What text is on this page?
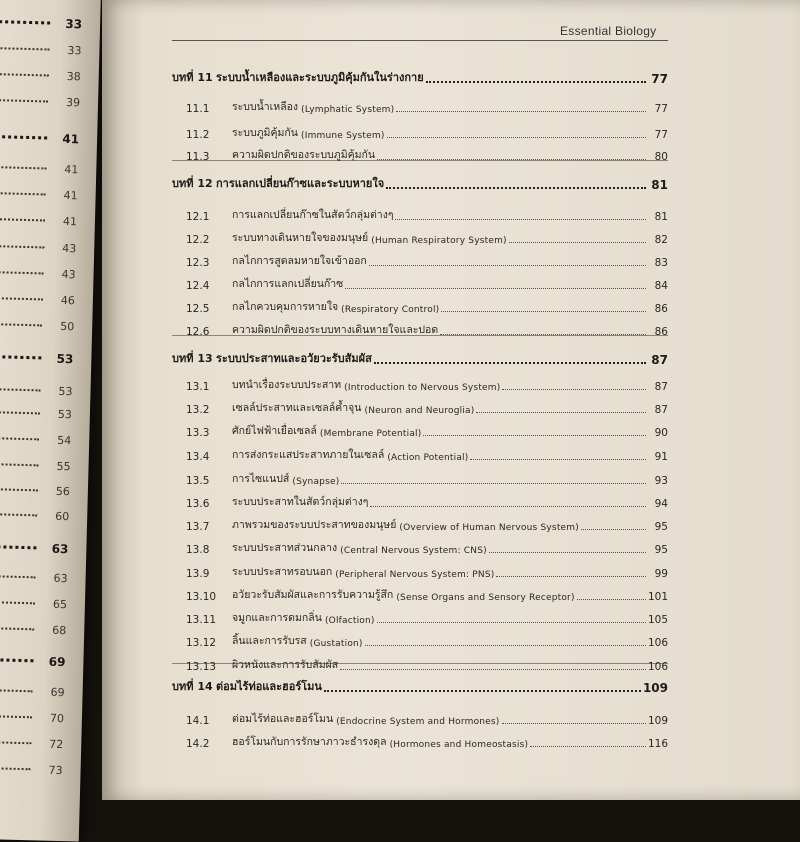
33
33
38
39
41
41
41
41
43
43
46
50
53
53
53
54
55
56
60
63
63
65
68
69
69
70
72
73
Essential Biology
บทที่ 11 ระบบน้ำเหลืองและระบบภูมิคุ้มกันในร่างกาย	77
11.1	ระบบน้ำเหลือง (Lymphatic System)	77
11.2	ระบบภูมิคุ้มกัน (Immune System)	77
11.3	ความผิดปกติของระบบภูมิคุ้มกัน	80
บทที่ 12 การแลกเปลี่ยนก๊าซและระบบหายใจ	81
12.1	การแลกเปลี่ยนก๊าซในสัตว์กลุ่มต่างๆ	81
12.2	ระบบทางเดินหายใจของมนุษย์ (Human Respiratory System)	82
12.3	กลไกการสูดลมหายใจเข้าออก	83
12.4	กลไกการแลกเปลี่ยนก๊าซ	84
12.5	กลไกควบคุมการหายใจ (Respiratory Control)	86
12.6	ความผิดปกติของระบบทางเดินหายใจและปอด	86
บทที่ 13 ระบบประสาทและอวัยวะรับสัมผัส	87
13.1	บทนำเรื่องระบบประสาท (Introduction to Nervous System)	87
13.2	เซลล์ประสาทและเซลล์ค้ำจุน (Neuron and Neuroglia)	87
13.3	ศักย์ไฟฟ้าเยื่อเซลล์ (Membrane Potential)	90
13.4	การส่งกระแสประสาทภายในเซลล์ (Action Potential)	91
13.5	การไซแนปส์ (Synapse)	93
13.6	ระบบประสาทในสัตว์กลุ่มต่างๆ	94
13.7	ภาพรวมของระบบประสาทของมนุษย์ (Overview of Human Nervous System)	95
13.8	ระบบประสาทส่วนกลาง (Central Nervous System: CNS)	95
13.9	ระบบประสาทรอบนอก (Peripheral Nervous System: PNS)	99
13.10	อวัยวะรับสัมผัสและการรับความรู้สึก (Sense Organs and Sensory Receptor)	101
13.11	จมูกและการดมกลิ่น (Olfaction)	105
13.12	ลิ้นและการรับรส (Gustation)	106
13.13	ผิวหนังและการรับสัมผัส	106
บทที่ 14 ต่อมไร้ท่อและฮอร์โมน	109
14.1	ต่อมไร้ท่อและฮอร์โมน (Endocrine System and Hormones)	109
14.2	ฮอร์โมนกับการรักษาภาวะธำรงดุล (Hormones and Homeostasis)	116
